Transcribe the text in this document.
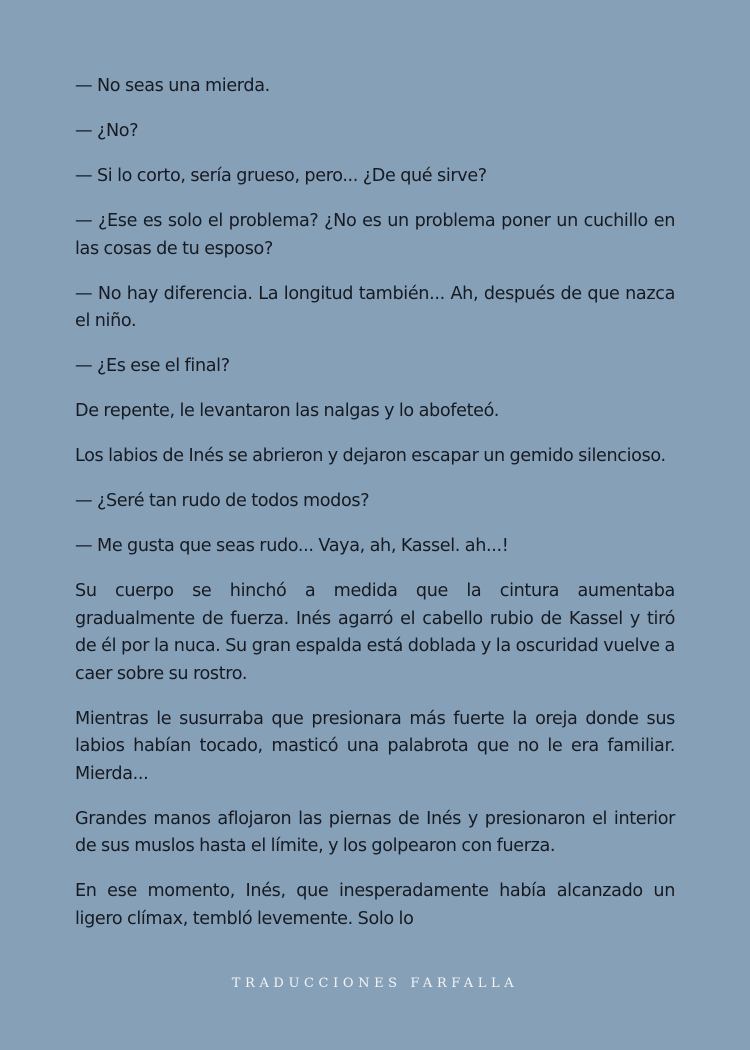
— No seas una mierda.

— ¿No?

— Si lo corto, sería grueso, pero... ¿De qué sirve?

— ¿Ese es solo el problema? ¿No es un problema poner un cuchillo en las cosas de tu esposo?

— No hay diferencia. La longitud también... Ah, después de que nazca el niño.

— ¿Es ese el final?

De repente, le levantaron las nalgas y lo abofeteó.

Los labios de Inés se abrieron y dejaron escapar un gemido silencioso.

— ¿Seré tan rudo de todos modos?

— Me gusta que seas rudo... Vaya, ah, Kassel. ah...!

Su cuerpo se hinchó a medida que la cintura aumentaba gradualmente de fuerza. Inés agarró el cabello rubio de Kassel y tiró de él por la nuca. Su gran espalda está doblada y la oscuridad vuelve a caer sobre su rostro.

Mientras le susurraba que presionara más fuerte la oreja donde sus labios habían tocado, masticó una palabrota que no le era familiar. Mierda...

Grandes manos aflojaron las piernas de Inés y presionaron el interior de sus muslos hasta el límite, y los golpearon con fuerza.

En ese momento, Inés, que inesperadamente había alcanzado un ligero clímax, tembló levemente. Solo lo

TRADUCCIONES FARFALLA
